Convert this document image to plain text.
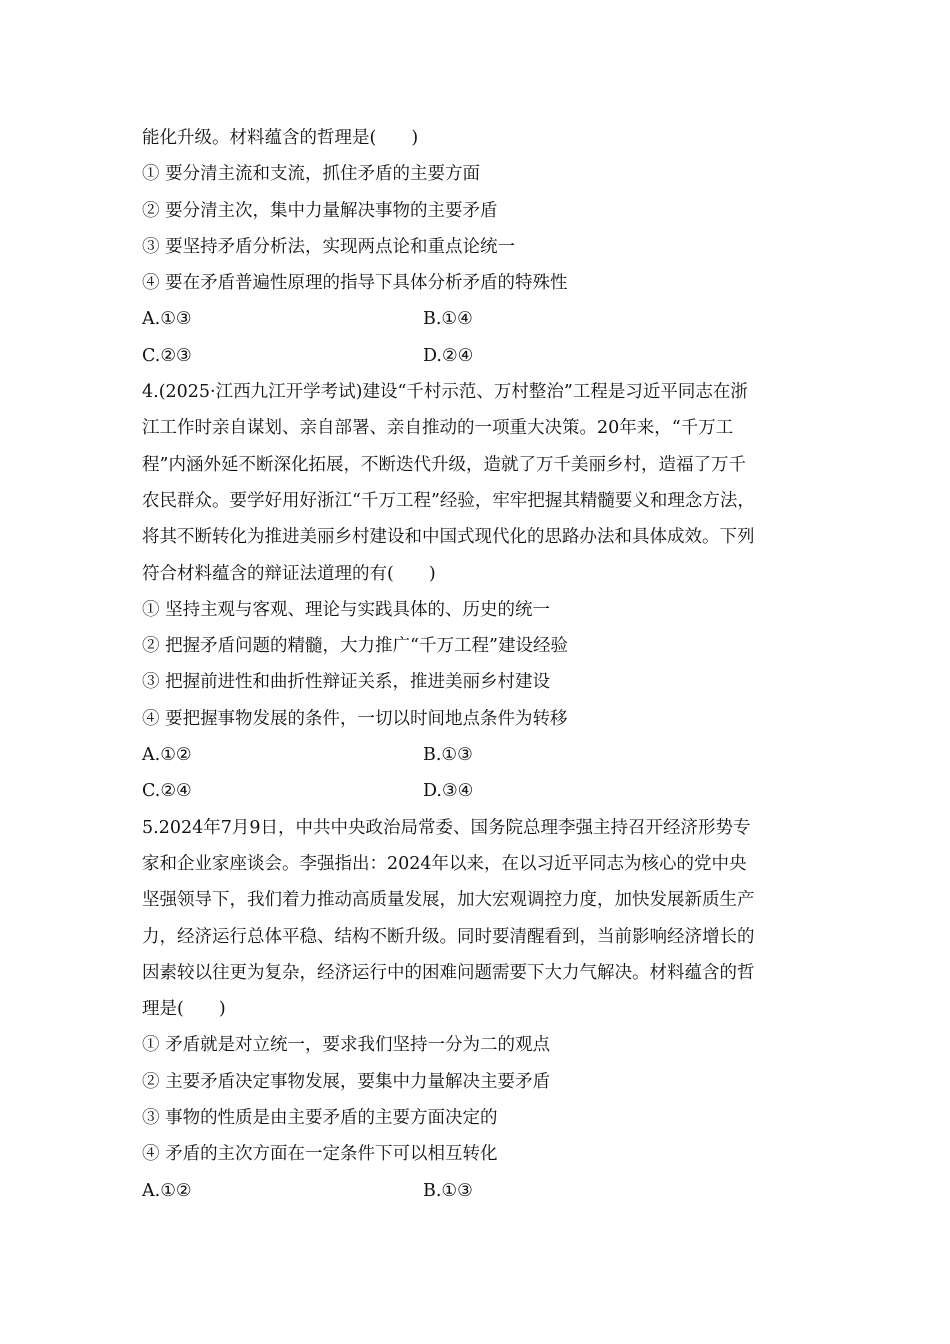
能化升级。材料蕴含的哲理是(　　)
① 要分清主流和支流，抓住矛盾的主要方面
② 要分清主次，集中力量解决事物的主要矛盾
③ 要坚持矛盾分析法，实现两点论和重点论统一
④ 要在矛盾普遍性原理的指导下具体分析矛盾的特殊性
A.①③	B.①④
C.②③	D.②④
4.(2025·江西九江开学考试)建设“千村示范、万村整治”工程是习近平同志在浙
江工作时亲自谋划、亲自部署、亲自推动的一项重大决策。20年来，“千万工
程”内涵外延不断深化拓展，不断迭代升级，造就了万千美丽乡村，造福了万千
农民群众。要学好用好浙江“千万工程”经验，牢牢把握其精髓要义和理念方法，
将其不断转化为推进美丽乡村建设和中国式现代化的思路办法和具体成效。下列
符合材料蕴含的辩证法道理的有(　　)
① 坚持主观与客观、理论与实践具体的、历史的统一
② 把握矛盾问题的精髓，大力推广“千万工程”建设经验
③ 把握前进性和曲折性辩证关系，推进美丽乡村建设
④ 要把握事物发展的条件，一切以时间地点条件为转移
A.①②	B.①③
C.②④	D.③④
5.2024年7月9日，中共中央政治局常委、国务院总理李强主持召开经济形势专
家和企业家座谈会。李强指出：2024年以来，在以习近平同志为核心的党中央
坚强领导下，我们着力推动高质量发展，加大宏观调控力度，加快发展新质生产
力，经济运行总体平稳、结构不断升级。同时要清醒看到，当前影响经济增长的
因素较以往更为复杂，经济运行中的困难问题需要下大力气解决。材料蕴含的哲
理是(　　)
① 矛盾就是对立统一，要求我们坚持一分为二的观点
② 主要矛盾决定事物发展，要集中力量解决主要矛盾
③ 事物的性质是由主要矛盾的主要方面决定的
④ 矛盾的主次方面在一定条件下可以相互转化
A.①②	B.①③
